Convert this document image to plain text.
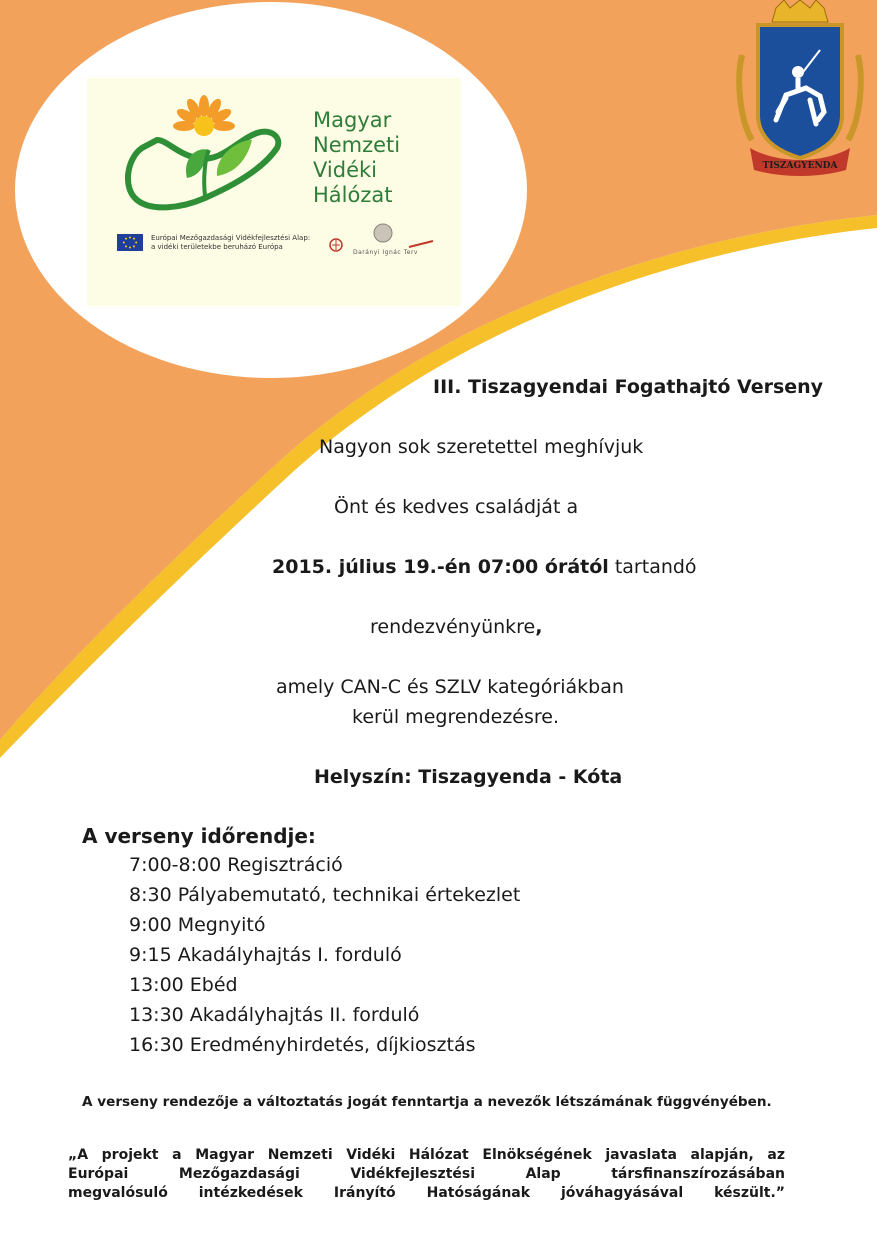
Magyar
Nemzeti
Vidéki
Hálózat
Európai Mezőgazdasági Vidékfejlesztési Alap:
a vidéki területekbe beruházó Európa
Darányi Ignác Terv
TISZAGYENDA
III. Tiszagyendai Fogathajtó Verseny
Nagyon sok szeretettel meghívjuk
Önt és kedves családját a
2015. július 19.-én 07:00 órától tartandó
rendezvényünkre,
amely CAN-C és SZLV kategóriákban
kerül megrendezésre.
Helyszín: Tiszagyenda - Kóta
A verseny időrendje:
7:00-8:00 Regisztráció
8:30 Pályabemutató, technikai értekezlet
9:00 Megnyitó
9:15 Akadályhajtás I. forduló
13:00 Ebéd
13:30 Akadályhajtás II. forduló
16:30 Eredményhirdetés, díjkiosztás
A verseny rendezője a változtatás jogát fenntartja a nevezők létszámának függvényében.
„A projekt a Magyar Nemzeti Vidéki Hálózat Elnökségének javaslata alapján, az
Európai Mezőgazdasági Vidékfejlesztési Alap társfinanszírozásában
megvalósuló intézkedések Irányító Hatóságának jóváhagyásával készült.”
